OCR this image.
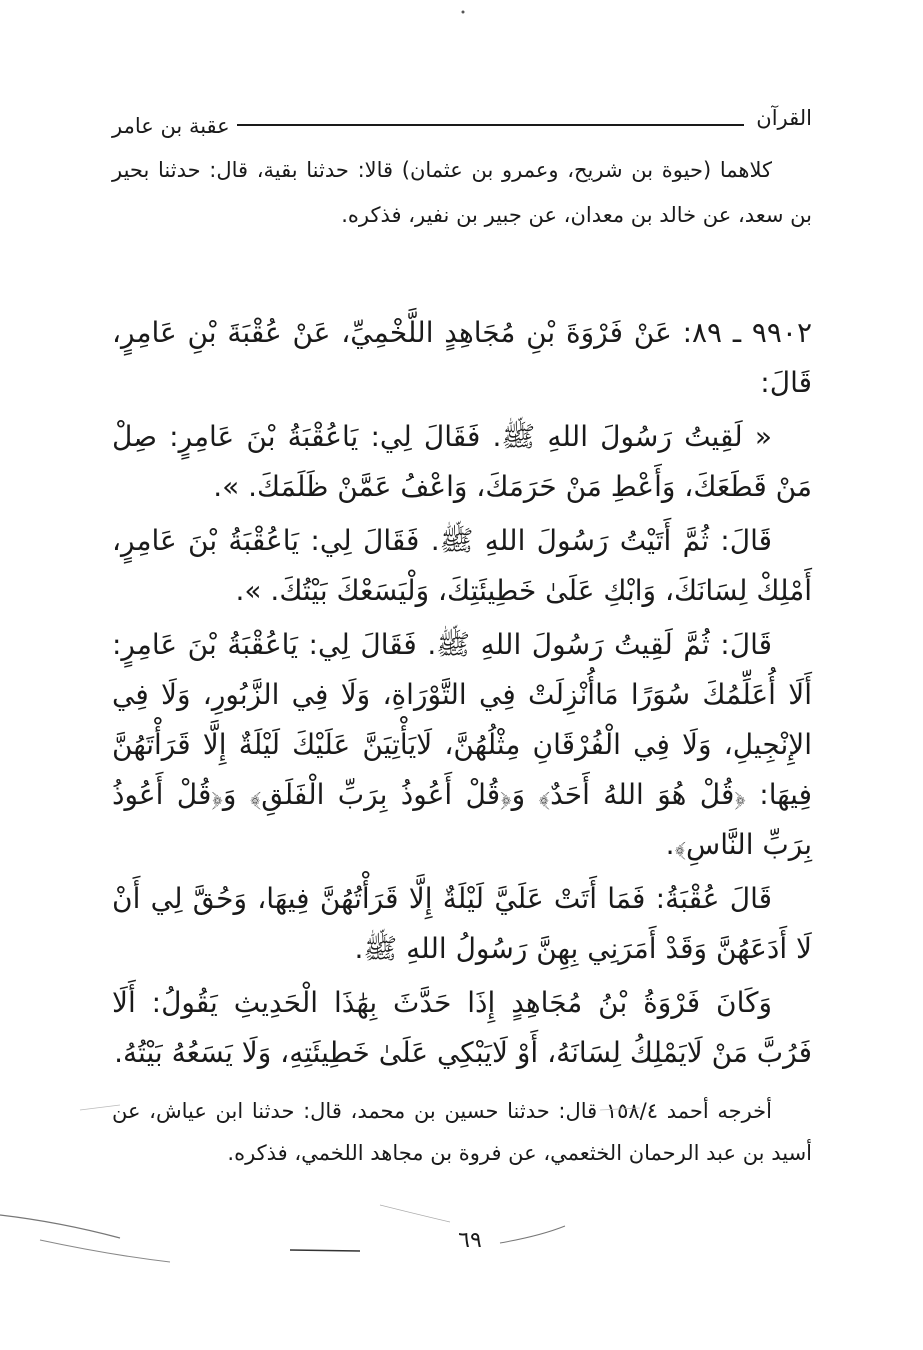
القرآن
عقبة بن عامر

كلاهما (حيوة بن شريح، وعمرو بن عثمان) قالا: حدثنا بقية، قال: حدثنا بحير بن سعد، عن خالد بن معدان، عن جبير بن نفير، فذكره.

٩٩٠٢ ـ ٨٩: عَنْ فَرْوَةَ بْنِ مُجَاهِدٍ اللَّخْمِيِّ، عَنْ عُقْبَةَ بْنِ عَامِرٍ، قَالَ:

« لَقِيتُ رَسُولَ اللهِ ﷺ. فَقَالَ لِي: يَاعُقْبَةُ بْنَ عَامِرٍ: صِلْ مَنْ قَطَعَكَ، وَأَعْطِ مَنْ حَرَمَكَ، وَاعْفُ عَمَّنْ ظَلَمَكَ. ».

قَالَ: ثُمَّ أَتَيْتُ رَسُولَ اللهِ ﷺ. فَقَالَ لِي: يَاعُقْبَةُ بْنَ عَامِرٍ، أَمْلِكْ لِسَانَكَ، وَابْكِ عَلَىٰ خَطِيئَتِكَ، وَلْيَسَعْكَ بَيْتُكَ. ».

قَالَ: ثُمَّ لَقِيتُ رَسُولَ اللهِ ﷺ. فَقَالَ لِي: يَاعُقْبَةُ بْنَ عَامِرٍ: أَلَا أُعَلِّمُكَ سُوَرًا مَاأُنْزِلَتْ فِي التَّوْرَاةِ، وَلَا فِي الزَّبُورِ، وَلَا فِي الإِنْجِيلِ، وَلَا فِي الْفُرْقَانِ مِثْلُهُنَّ، لَايَأْتِيَنَّ عَلَيْكَ لَيْلَةٌ إِلَّا قَرَأْتَهُنَّ فِيهَا: ﴿قُلْ هُوَ اللهُ أَحَدٌ﴾ وَ﴿قُلْ أَعُوذُ بِرَبِّ الْفَلَقِ﴾ وَ﴿قُلْ أَعُوذُ بِرَبِّ النَّاسِ﴾.

قَالَ عُقْبَةُ: فَمَا أَتَتْ عَلَيَّ لَيْلَةٌ إِلَّا قَرَأْتُهُنَّ فِيهَا، وَحُقَّ لِي أَنْ لَا أَدَعَهُنَّ وَقَدْ أَمَرَنِي بِهِنَّ رَسُولُ اللهِ ﷺ.

وَكَانَ فَرْوَةُ بْنُ مُجَاهِدٍ إِذَا حَدَّثَ بِهَٰذَا الْحَدِيثِ يَقُولُ: أَلَا فَرُبَّ مَنْ لَايَمْلِكُ لِسَانَهُ، أَوْ لَايَبْكِي عَلَىٰ خَطِيئَتِهِ، وَلَا يَسَعُهُ بَيْتُهُ.

أخرجه أحمد ١٥٨/٤ قال: حدثنا حسين بن محمد، قال: حدثنا ابن عياش، عن أسيد بن عبد الرحمان الخثعمي، عن فروة بن مجاهد اللخمي، فذكره.

٦٩
